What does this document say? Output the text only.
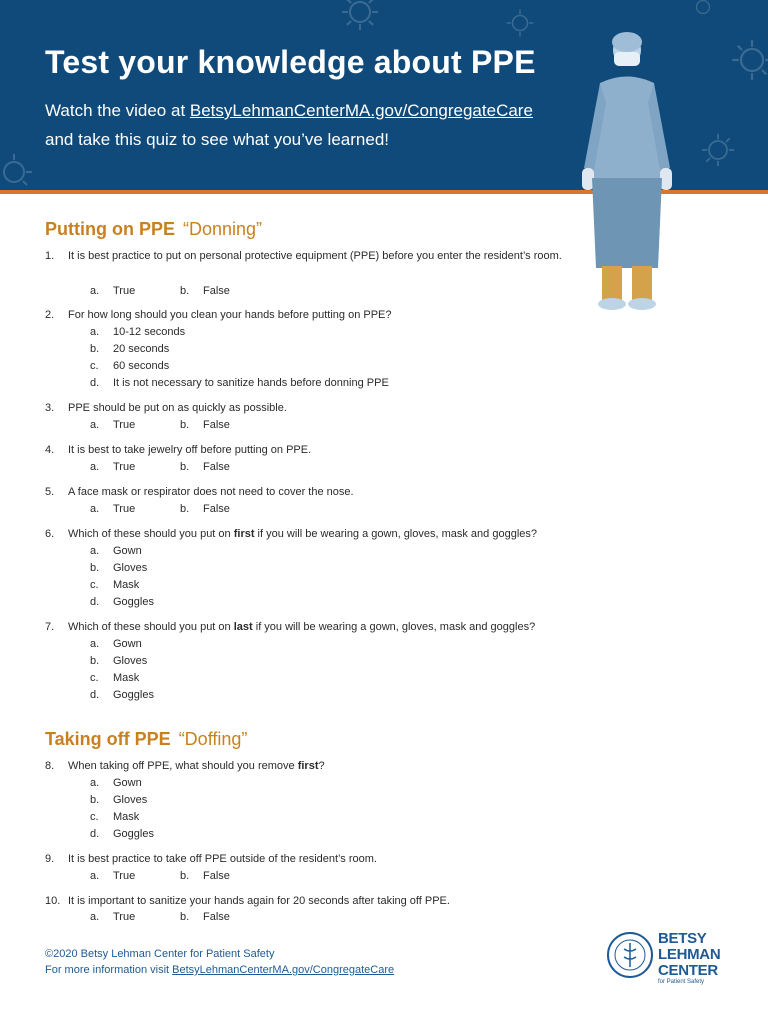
Test your knowledge about PPE
Watch the video at BetsyLehmanCenterMA.gov/CongregateCare
and take this quiz to see what you’ve learned!
Putting on PPE “Donning”
1.	It is best practice to put on personal protective equipment (PPE) before you enter the resident’s room.
a. True	b. False
2.	For how long should you clean your hands before putting on PPE?
a. 10-12 seconds
b. 20 seconds
c. 60 seconds
d. It is not necessary to sanitize hands before donning PPE
3.	PPE should be put on as quickly as possible.
a. True	b. False
4.	It is best to take jewelry off before putting on PPE.
a. True	b. False
5.	A face mask or respirator does not need to cover the nose.
a. True	b. False
6.	Which of these should you put on first if you will be wearing a gown, gloves, mask and goggles?
a. Gown
b. Gloves
c. Mask
d. Goggles
7.	Which of these should you put on last if you will be wearing a gown, gloves, mask and goggles?
a. Gown
b. Gloves
c. Mask
d. Goggles
Taking off PPE “Doffing”
8.	When taking off PPE, what should you remove first?
a. Gown
b. Gloves
c. Mask
d. Goggles
9.	It is best practice to take off PPE outside of the resident’s room.
a. True	b. False
10. It is important to sanitize your hands again for 20 seconds after taking off PPE.
a. True	b. False
©2020 Betsy Lehman Center for Patient Safety
For more information visit BetsyLehmanCenterMA.gov/CongregateCare
BETSY
LEHMAN
CENTER
for Patient Safety
